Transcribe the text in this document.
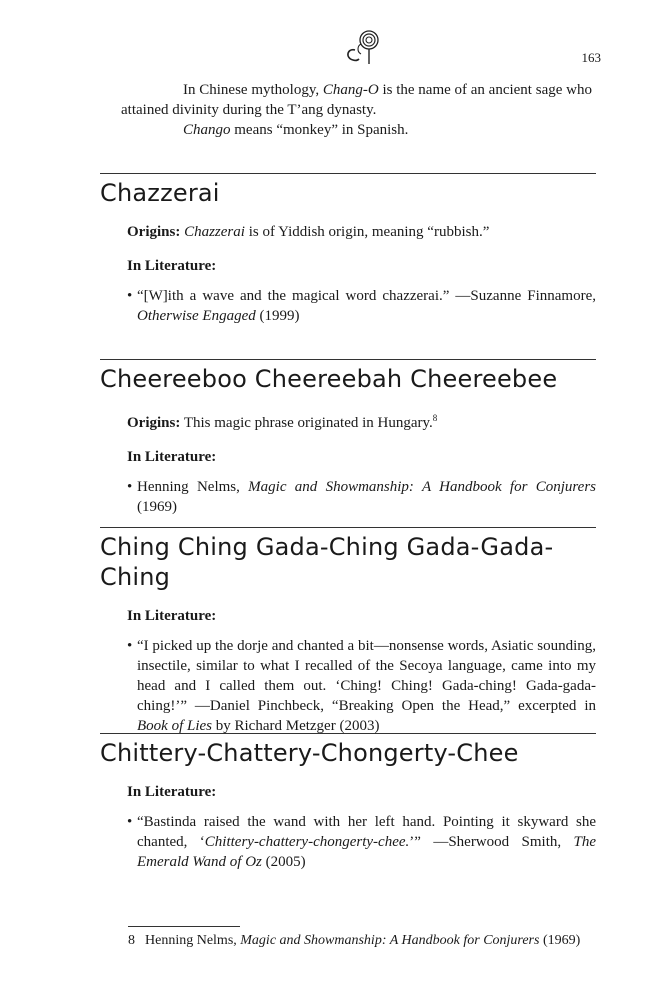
163

In Chinese mythology, Chang-O is the name of an ancient sage who attained divinity during the T’ang dynasty.

Chango means “monkey” in Spanish.

Chazzerai
Origins: Chazzerai is of Yiddish origin, meaning “rubbish.”
In Literature:
• “[W]ith a wave and the magical word chazzerai.” —Suzanne Finnamore, Otherwise Engaged (1999)
Cheereeboo Cheereebah Cheereebee
Origins: This magic phrase originated in Hungary.$^8$
In Literature:
• Henning Nelms, Magic and Showmanship: A Handbook for Conjurers (1969)
Ching Ching Gada-Ching Gada-Gada-Ching
In Literature:
• “I picked up the dorje and chanted a bit—nonsense words, Asiatic sounding, insectile, similar to what I recalled of the Secoya language, came into my head and I called them out. ‘Ching! Ching! Gada-ching! Gada-gada-ching!’” —Daniel Pinchbeck, “Breaking Open the Head,” excerpted in Book of Lies by Richard Metzger (2003)
Chittery-Chattery-Chongerty-Chee
In Literature:
• “Bastinda raised the wand with her left hand. Pointing it skyward she chanted, ‘Chittery-chattery-chongerty-chee.’” —Sherwood Smith, The Emerald Wand of Oz (2005)
8 Henning Nelms, Magic and Showmanship: A Handbook for Conjurers (1969)
